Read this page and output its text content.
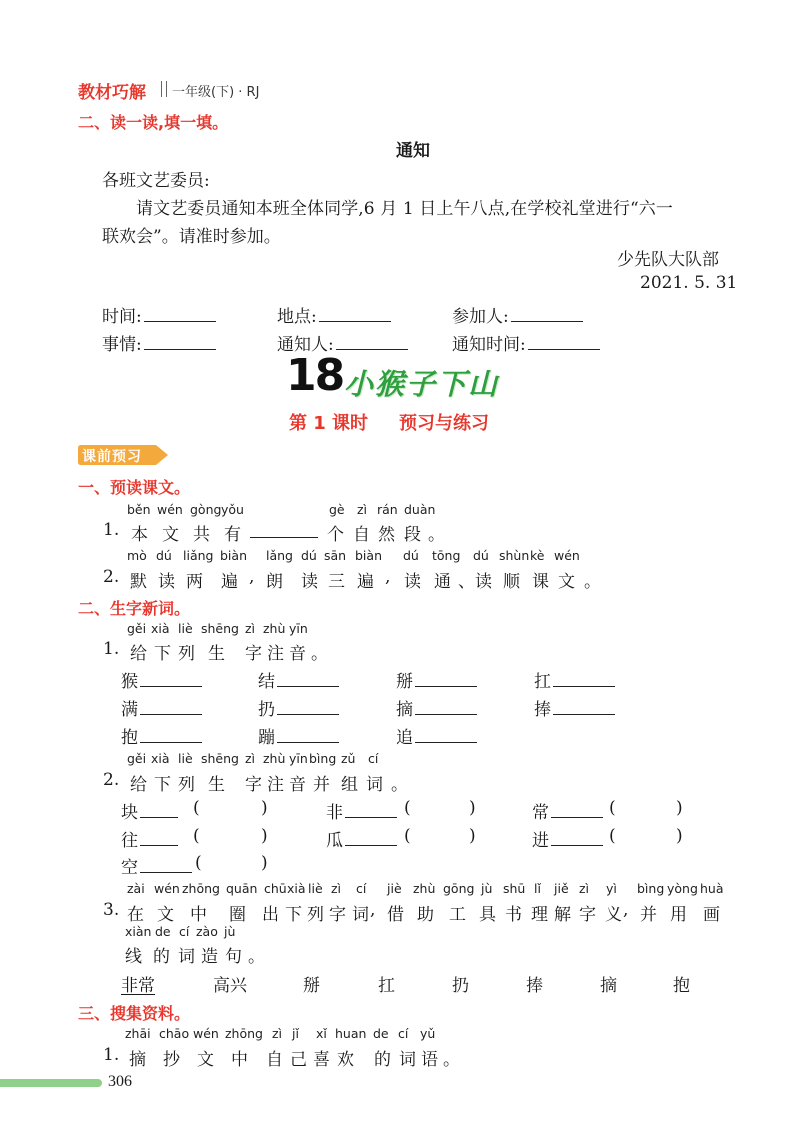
教材巧解 一年级(下) · RJ
二、读一读,填一填。
通知
各班文艺委员:
请文艺委员通知本班全体同学,6 月 1 日上午八点,在学校礼堂进行“六一
联欢会”。请准时参加。
少先队大队部
2021. 5. 31
时间:	地点:	参加人:
事情:	通知人:	通知时间:
18 小猴子下山
第 1 课时 预习与练习
课前预习
一、预读课文。
běn wén gòng yǒu	gè zì rán duàn
1. 本 文 共 有	个 自 然 段 。
mò dú liǎng biàn lǎng dú sān biàn dú tōng dú shùn kè wén
2. 默 读 两 遍 , 朗 读 三 遍 , 读 通 、 读 顺 课 文 。
二、生字新词。
gěi xià liè shēng zì zhù yīn
1. 给 下 列 生 字 注 音 。
猴	结	掰	扛
满	扔	摘	捧
抱	蹦	追
gěi xià liè shēng zì zhù yīn bìng zǔ cí
2. 给 下 列 生 字 注 音 并 组 词 。
块	(	)	非	(	)	常	(	)
往	(	)	瓜	(	)	进	(	)
空	(	)
zài wén zhōng quān chū xià liè zì cí jiè zhù gōng jù shū lǐ jiě zì yì bìng yòng huà
3. 在 文 中 圈 出 下 列 字 词 , 借 助 工 具 书 理 解 字 义 , 并 用 画
xiàn de cí zào jù
线 的 词 造 句 。
非常	高兴	掰	扛	扔	捧	摘	抱
三、搜集资料。
zhāi chāo wén zhōng zì jǐ xǐ huan de cí yǔ
1. 摘 抄 文 中 自 己 喜 欢 的 词 语 。
306
